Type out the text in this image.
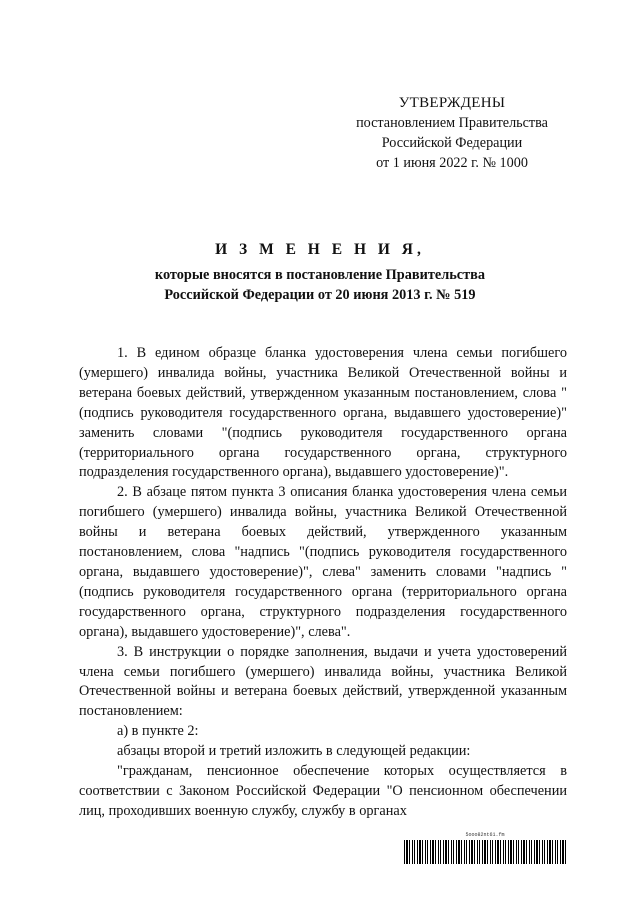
УТВЕРЖДЕНЫ
постановлением Правительства
Российской Федерации
от 1 июня 2022 г. № 1000
И З М Е Н Е Н И Я,
которые вносятся в постановление Правительства
Российской Федерации от 20 июня 2013 г. № 519

1. В едином образце бланка удостоверения члена семьи погибшего (умершего) инвалида войны, участника Великой Отечественной войны и ветерана боевых действий, утвержденном указанным постановлением, слова "(подпись руководителя государственного органа, выдавшего удостоверение)" заменить словами "(подпись руководителя государственного органа (территориального органа государственного органа, структурного подразделения государственного органа), выдавшего удостоверение)".

2. В абзаце пятом пункта 3 описания бланка удостоверения члена семьи погибшего (умершего) инвалида войны, участника Великой Отечественной войны и ветерана боевых действий, утвержденного указанным постановлением, слова "надпись "(подпись руководителя государственного органа, выдавшего удостоверение)", слева" заменить словами "надпись "(подпись руководителя государственного органа (территориального органа государственного органа, структурного подразделения государственного органа), выдавшего удостоверение)", слева".

3. В инструкции о порядке заполнения, выдачи и учета удостоверений члена семьи погибшего (умершего) инвалида войны, участника Великой Отечественной войны и ветерана боевых действий, утвержденной указанным постановлением:

а) в пункте 2:

абзацы второй и третий изложить в следующей редакции:

"гражданам, пенсионное обеспечение которых осуществляется в соответствии с Законом Российской Федерации "О пенсионном обеспечении лиц, проходивших военную службу, службу в органах

5ooo82nt61.fm
